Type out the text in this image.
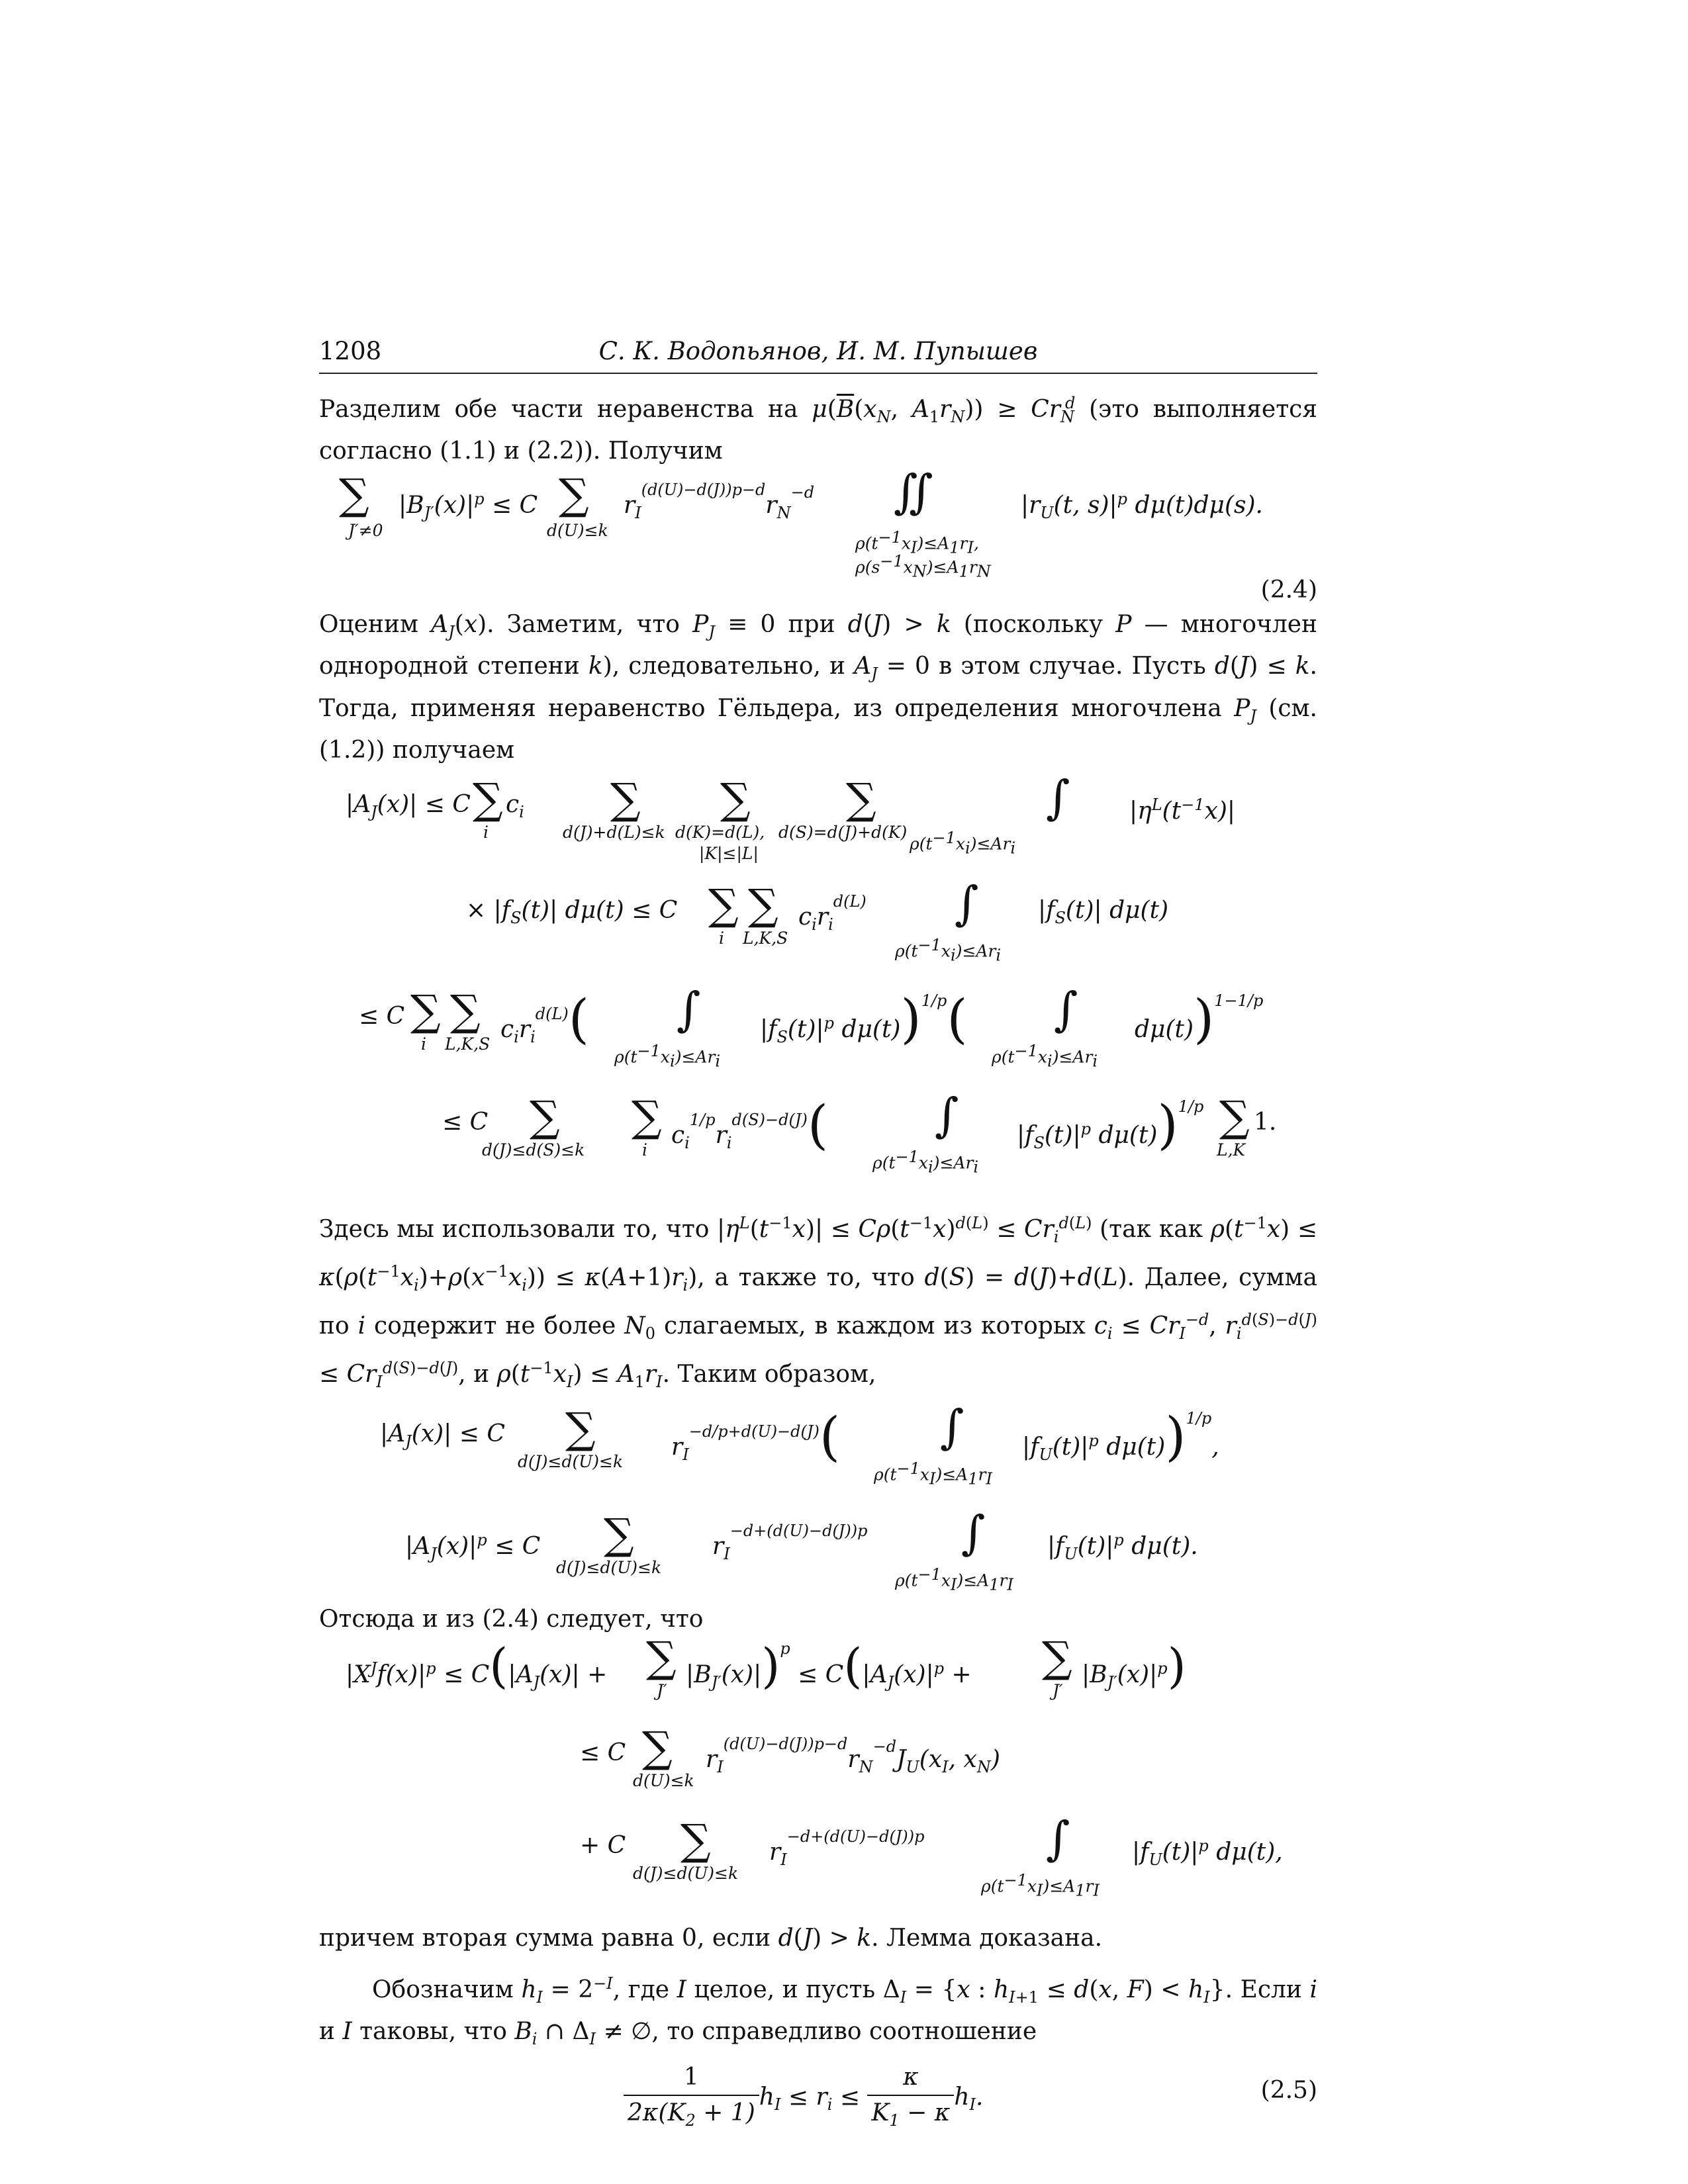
1208	С. К. Водопьянов, И. М. Пупышев

Разделим обе части неравенства на $\mu(\overline{B}(x_N$, $A_1r_N)) \ge Cr_N^d$ (это выполняется согласно (1.1) и (2.2)). Получим

∑
J′≠0
$|B_{J'}(x)|^p \le C$ ∑
d(U)≤k
$r_I^{(d(U)-d(J))p-d}r_N^{-d}$ ∬
$\rho(t^{-1}x_I)\le A_1r_I$,
$\rho(s^{-1}x_N)\le A_1r_N$
$|r_U(t$, $s)|^p$ dμ(t)dμ(s).
(2.4)

Оценим $A_J(x)$. Заметим, что $P_J \equiv 0$ при d(J) > k (поскольку P — многочлен однородной степени k), следовательно, и $A_J = 0$ в этом случае. Пусть d(J) ≤ k. Тогда, применяя неравенство Гёльдера, из определения многочлена $P_J$ (см. (1.2)) получаем

$|A_J(x)| \le C$ ∑
i
$c_i$ ∑
d(J)+d(L)≤k
∑
d(K)=d(L),
|K|≤|L|
∑
d(S)=d(J)+d(K)
∫
$\rho(t^{-1}x_i)\le Ar_i$
$|\eta^L(t^{-1}x)|$
× $|f_S(t)|$ dμ(t) ≤ C ∑
i
∑
L,K,S
$c_ir_i^{d(L)}$ ∫
$\rho(t^{-1}x_i)\le Ar_i$
$|f_S(t)|$ dμ(t)
≤ C ∑
i
∑
L,K,S
$c_ir_i^{d(L)}$( ∫
$\rho(t^{-1}x_i)\le Ar_i$
$|f_S(t)|^p$ dμ(t))$^{1/p}$( ∫
$\rho(t^{-1}x_i)\le Ar_i$
dμ(t))$^{1-1/p}$
≤ C ∑
d(J)≤d(S)≤k
∑
i
$c_i^{1/p}r_i^{d(S)-d(J)}$( ∫
$\rho(t^{-1}x_i)\le Ar_i$
$|f_S(t)|^p$ dμ(t))$^{1/p}$ ∑
L,K
1.

Здесь мы использовали то, что $|\eta^L(t^{-1}x)| \le C\rho(t^{-1}x)^{d(L)} \le Cr_i^{d(L)}$ (так как $\rho(t^{-1}x) \le \kappa(\rho(t^{-1}x_i)+\rho(x^{-1}x_i)) \le \kappa(A+1)r_i$), а также то, что d(S) = d(J)+d(L). Далее, сумма по i содержит не более $N_0$ слагаемых, в каждом из которых $c_i \le Cr_I^{-d}$, $r_i^{d(S)-d(J)} \le Cr_I^{d(S)-d(J)}$, и $\rho(t^{-1}x_I) \le A_1r_I$. Таким образом,

$|A_J(x)| \le C$ ∑
d(J)≤d(U)≤k
$r_I^{-d/p+d(U)-d(J)}$( ∫
$\rho(t^{-1}x_I)\le A_1r_I$
$|f_U(t)|^p$ dμ(t))$^{1/p}$,
$|A_J(x)|^p \le C$ ∑
d(J)≤d(U)≤k
$r_I^{-d+(d(U)-d(J))p}$ ∫
$\rho(t^{-1}x_I)\le A_1r_I$
$|f_U(t)|^p$ dμ(t).

Отсюда и из (2.4) следует, что

$|X^Jf(x)|^p \le C(|A_J(x)|$ + ∑
J′
$|B_{J'}(x)|)^p \le C(|A_J(x)|^p$ + ∑
J′
$|B_{J'}(x)|^p$)
≤ C ∑
d(U)≤k
$r_I^{(d(U)-d(J))p-d}r_N^{-d}J_U(x_I$, $x_N$)
+ C ∑
d(J)≤d(U)≤k
$r_I^{-d+(d(U)-d(J))p}$	∫
$\rho(t^{-1}x_I)\le A_1r_I$
$|f_U(t)|^p$ dμ(t),

причем вторая сумма равна 0, если d(J) > k. Лемма доказана.

Обозначим $h_I = 2^{-I}$, где I целое, и пусть $\Delta_I = \{x$ : $h_{I+1} \le d(x$, $F) < h_I$}. Если i и I таковы, что $B_i$ ∩ $\Delta_I$ ≠ ∅, то справедливо соотношение

$\frac{1}{2\kappa(K_2 + 1)} h_I \le r_i \le \frac{\kappa}{K_1 - \kappa} h_I$.	(2.5)
